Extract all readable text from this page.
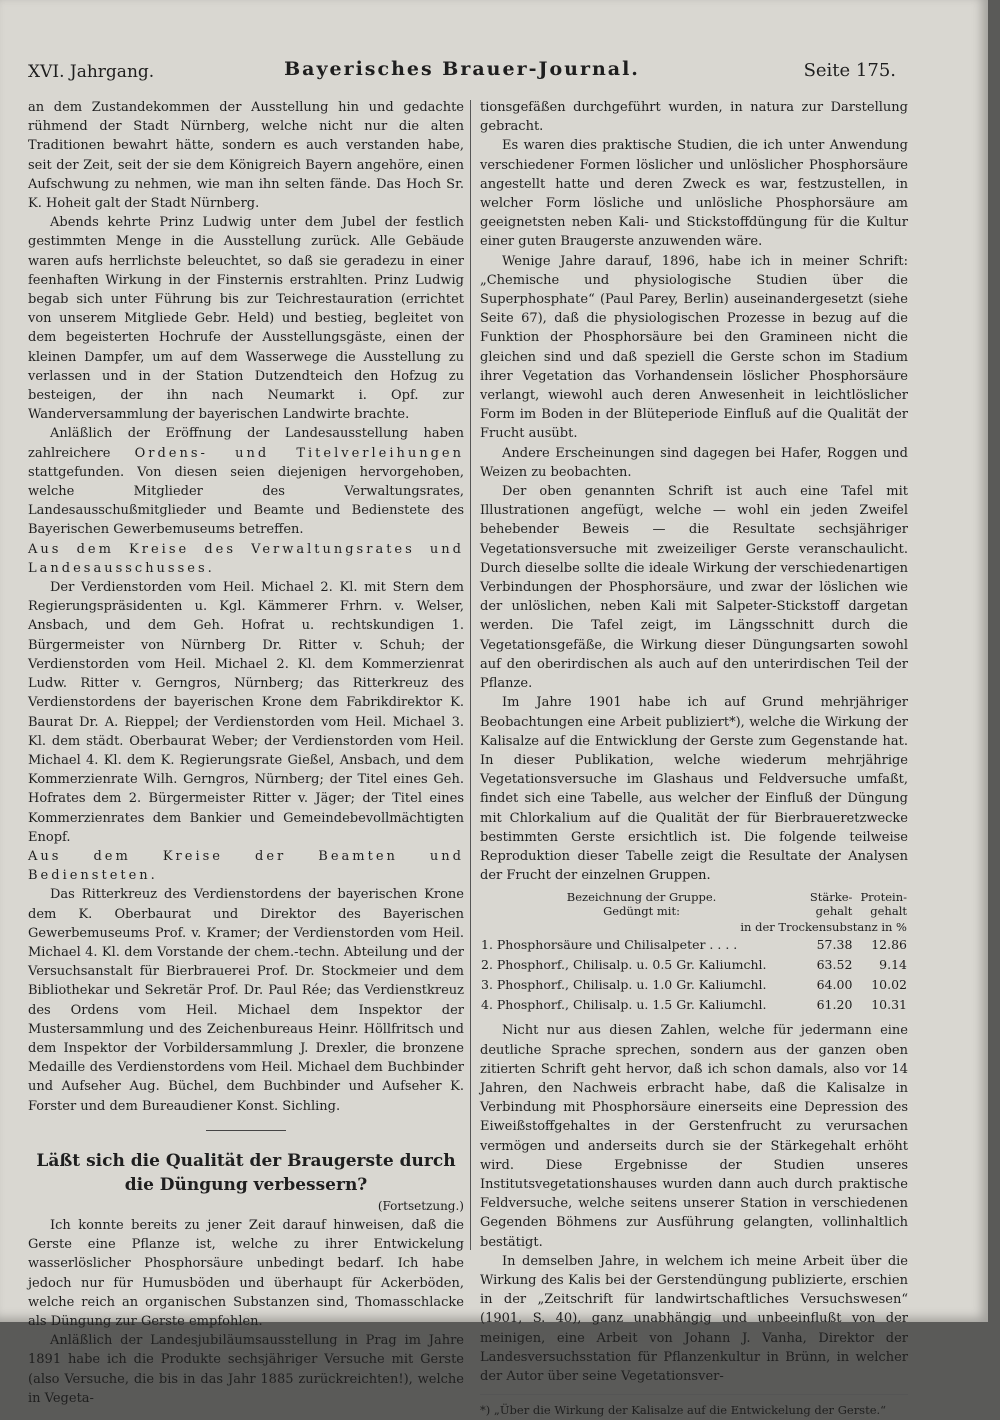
XVI. Jahrgang.	Bayerisches Brauer-Journal.	Seite 175.

an dem Zustandekommen der Ausstellung hin und gedachte rühmend der Stadt Nürnberg, welche nicht nur die alten Traditionen bewahrt hätte, sondern es auch verstanden habe, seit der Zeit, seit der sie dem Königreich Bayern angehöre, einen Aufschwung zu nehmen, wie man ihn selten fände. Das Hoch Sr. K. Hoheit galt der Stadt Nürnberg.

Abends kehrte Prinz Ludwig unter dem Jubel der festlich gestimmten Menge in die Ausstellung zurück. Alle Gebäude waren aufs herrlichste beleuchtet, so daß sie geradezu in einer feenhaften Wirkung in der Finsternis erstrahlten. Prinz Ludwig begab sich unter Führung bis zur Teichrestauration (errichtet von unserem Mitgliede Gebr. Held) und bestieg, begleitet von dem begeisterten Hochrufe der Ausstellungsgäste, einen der kleinen Dampfer, um auf dem Wasserwege die Ausstellung zu verlassen und in der Station Dutzendteich den Hofzug zu besteigen, der ihn nach Neumarkt i. Opf. zur Wanderversammlung der bayerischen Landwirte brachte.

Anläßlich der Eröffnung der Landesausstellung haben zahlreichere Ordens- und Titelverleihungen stattgefunden. Von diesen seien diejenigen hervorgehoben, welche Mitglieder des Verwaltungsrates, Landesausschußmitglieder und Beamte und Bedienstete des Bayerischen Gewerbemuseums betreffen.

Aus dem Kreise des Verwaltungsrates und Landesausschusses.

Der Verdienstorden vom Heil. Michael 2. Kl. mit Stern dem Regierungspräsidenten u. Kgl. Kämmerer Frhrn. v. Welser, Ansbach, und dem Geh. Hofrat u. rechtskundigen 1. Bürgermeister von Nürnberg Dr. Ritter v. Schuh; der Verdienstorden vom Heil. Michael 2. Kl. dem Kommerzienrat Ludw. Ritter v. Gerngros, Nürnberg; das Ritterkreuz des Verdienstordens der bayerischen Krone dem Fabrikdirektor K. Baurat Dr. A. Rieppel; der Verdienstorden vom Heil. Michael 3. Kl. dem städt. Oberbaurat Weber; der Verdienstorden vom Heil. Michael 4. Kl. dem K. Regierungsrate Gießel, Ansbach, und dem Kommerzienrate Wilh. Gerngros, Nürnberg; der Titel eines Geh. Hofrates dem 2. Bürgermeister Ritter v. Jäger; der Titel eines Kommerzienrates dem Bankier und Gemeindebevollmächtigten Enopf.

Aus dem Kreise der Beamten und Bediensteten.

Das Ritterkreuz des Verdienstordens der bayerischen Krone dem K. Oberbaurat und Direktor des Bayerischen Gewerbemuseums Prof. v. Kramer; der Verdienstorden vom Heil. Michael 4. Kl. dem Vorstande der chem.-techn. Abteilung und der Versuchsanstalt für Bierbrauerei Prof. Dr. Stockmeier und dem Bibliothekar und Sekretär Prof. Dr. Paul Rée; das Verdienstkreuz des Ordens vom Heil. Michael dem Inspektor der Mustersammlung und des Zeichenbureaus Heinr. Höllfritsch und dem Inspektor der Vorbildersammlung J. Drexler, die bronzene Medaille des Verdienstordens vom Heil. Michael dem Buchbinder und Aufseher Aug. Büchel, dem Buchbinder und Aufseher K. Forster und dem Bureaudiener Konst. Sichling.

Läßt sich die Qualität der Braugerste durch die Düngung verbessern?

(Fortsetzung.)

Ich konnte bereits zu jener Zeit darauf hinweisen, daß die Gerste eine Pflanze ist, welche zu ihrer Entwickelung wasserlöslicher Phosphorsäure unbedingt bedarf. Ich habe jedoch nur für Humusböden und überhaupt für Ackerböden, welche reich an organischen Substanzen sind, Thomasschlacke als Düngung zur Gerste empfohlen.

Anläßlich der Landesjubiläumsausstellung in Prag im Jahre 1891 habe ich die Produkte sechsjähriger Versuche mit Gerste (also Versuche, die bis in das Jahr 1885 zurückreichten!), welche in Vegeta-

tionsgefäßen durchgeführt wurden, in natura zur Darstellung gebracht.

Es waren dies praktische Studien, die ich unter Anwendung verschiedener Formen löslicher und unlöslicher Phosphorsäure angestellt hatte und deren Zweck es war, festzustellen, in welcher Form lösliche und unlösliche Phosphorsäure am geeignetsten neben Kali- und Stickstoffdüngung für die Kultur einer guten Braugerste anzuwenden wäre.

Wenige Jahre darauf, 1896, habe ich in meiner Schrift: „Chemische und physiologische Studien über die Superphosphate“ (Paul Parey, Berlin) auseinandergesetzt (siehe Seite 67), daß die physiologischen Prozesse in bezug auf die Funktion der Phosphorsäure bei den Gramineen nicht die gleichen sind und daß speziell die Gerste schon im Stadium ihrer Vegetation das Vorhandensein löslicher Phosphorsäure verlangt, wiewohl auch deren Anwesenheit in leichtlöslicher Form im Boden in der Blüteperiode Einfluß auf die Qualität der Frucht ausübt.

Andere Erscheinungen sind dagegen bei Hafer, Roggen und Weizen zu beobachten.

Der oben genannten Schrift ist auch eine Tafel mit Illustrationen angefügt, welche — wohl ein jeden Zweifel behebender Beweis — die Resultate sechsjähriger Vegetationsversuche mit zweizeiliger Gerste veranschaulicht. Durch dieselbe sollte die ideale Wirkung der verschiedenartigen Verbindungen der Phosphorsäure, und zwar der löslichen wie der unlöslichen, neben Kali mit Salpeter-Stickstoff dargetan werden. Die Tafel zeigt, im Längsschnitt durch die Vegetationsgefäße, die Wirkung dieser Düngungsarten sowohl auf den oberirdischen als auch auf den unterirdischen Teil der Pflanze.

Im Jahre 1901 habe ich auf Grund mehrjähriger Beobachtungen eine Arbeit publiziert*), welche die Wirkung der Kalisalze auf die Entwicklung der Gerste zum Gegenstande hat. In dieser Publikation, welche wiederum mehrjährige Vegetationsversuche im Glashaus und Feldversuche umfaßt, findet sich eine Tabelle, aus welcher der Einfluß der Düngung mit Chlorkalium auf die Qualität der für Bierbraueretzwecke bestimmten Gerste ersichtlich ist. Die folgende teilweise Reproduktion dieser Tabelle zeigt die Resultate der Analysen der Frucht der einzelnen Gruppen.

Bezeichnung der Gruppe.
Gedüngt mit:	Stärke-
gehalt	Protein-
gehalt
in der Trockensubstanz in %		
1. Phosphorsäure und Chilisalpeter . . . .	57.38	12.86
2. Phosphorf., Chilisalp. u. 0.5 Gr. Kaliumchl.	63.52	9.14
3. Phosphorf., Chilisalp. u. 1.0 Gr. Kaliumchl.	64.00	10.02
4. Phosphorf., Chilisalp. u. 1.5 Gr. Kaliumchl.	61.20	10.31

Nicht nur aus diesen Zahlen, welche für jedermann eine deutliche Sprache sprechen, sondern aus der ganzen oben zitierten Schrift geht hervor, daß ich schon damals, also vor 14 Jahren, den Nachweis erbracht habe, daß die Kalisalze in Verbindung mit Phosphorsäure einerseits eine Depression des Eiweißstoffgehaltes in der Gerstenfrucht zu verursachen vermögen und anderseits durch sie der Stärkegehalt erhöht wird. Diese Ergebnisse der Studien unseres Institutsvegetationshauses wurden dann auch durch praktische Feldversuche, welche seitens unserer Station in verschiedenen Gegenden Böhmens zur Ausführung gelangten, vollinhaltlich bestätigt.

In demselben Jahre, in welchem ich meine Arbeit über die Wirkung des Kalis bei der Gerstendüngung publizierte, erschien in der „Zeitschrift für landwirtschaftliches Versuchswesen“ (1901, S. 40), ganz unabhängig und unbeeinflußt von der meinigen, eine Arbeit von Johann J. Vanha, Direktor der Landesversuchsstation für Pflanzenkultur in Brünn, in welcher der Autor über seine Vegetationsver-

*) „Über die Wirkung der Kalisalze auf die Entwickelung der Gerste.“
